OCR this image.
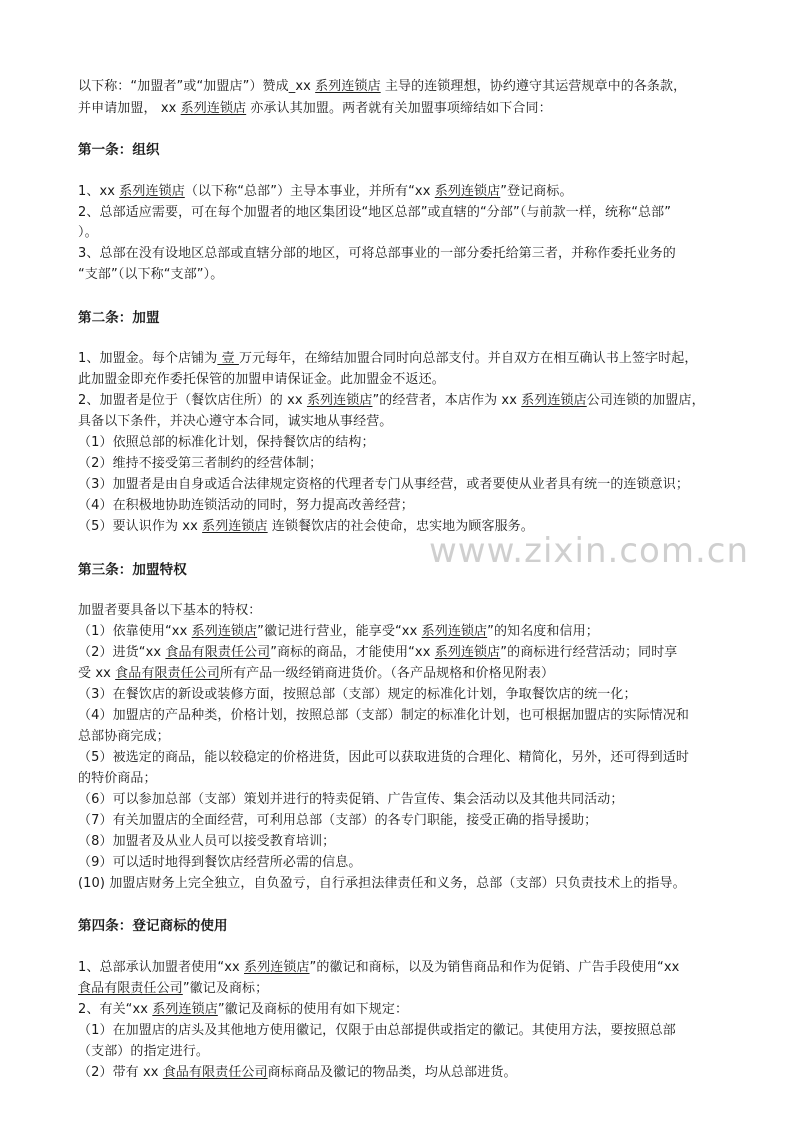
www.zixin.com.cn
以下称：“加盟者”或“加盟店”）赞成_xx 系列连锁店 主导的连锁理想，协约遵守其运营规章中的各条款，
并申请加盟， xx 系列连锁店 亦承认其加盟。两者就有关加盟事项缔结如下合同：
第一条：组织
1、xx 系列连锁店（以下称“总部”）主导本事业，并所有“xx 系列连锁店”登记商标。
2、总部适应需要，可在每个加盟者的地区集团设“地区总部”或直辖的“分部”（与前款一样，统称“总部”
）。
3、总部在没有设地区总部或直辖分部的地区，可将总部事业的一部分委托给第三者，并称作委托业务的
“支部”（以下称“支部”）。
第二条：加盟
1、加盟金。每个店铺为 壹 万元每年，在缔结加盟合同时向总部支付。并自双方在相互确认书上签字时起，
此加盟金即充作委托保管的加盟申请保证金。此加盟金不返还。
2、加盟者是位于（餐饮店住所）的 xx 系列连锁店”的经营者，本店作为 xx 系列连锁店公司连锁的加盟店，
具备以下条件，并决心遵守本合同，诚实地从事经营。
（1）依照总部的标准化计划，保持餐饮店的结构；
（2）维持不接受第三者制约的经营体制；
（3）加盟者是由自身或适合法律规定资格的代理者专门从事经营，或者要使从业者具有统一的连锁意识；
（4）在积极地协助连锁活动的同时，努力提高改善经营；
（5）要认识作为 xx 系列连锁店 连锁餐饮店的社会使命，忠实地为顾客服务。
第三条：加盟特权
加盟者要具备以下基本的特权：
（1）依靠使用“xx 系列连锁店”徽记进行营业，能享受“xx 系列连锁店”的知名度和信用；
（2）进货“xx 食品有限责任公司”商标的商品，才能使用“xx 系列连锁店”的商标进行经营活动；同时享
受 xx 食品有限责任公司所有产品一级经销商进货价。（各产品规格和价格见附表）
（3）在餐饮店的新设或装修方面，按照总部（支部）规定的标准化计划，争取餐饮店的统一化；
（4）加盟店的产品种类，价格计划，按照总部（支部）制定的标准化计划，也可根据加盟店的实际情况和
总部协商完成；
（5）被选定的商品，能以较稳定的价格进货，因此可以获取进货的合理化、精简化，另外，还可得到适时
的特价商品；
（6）可以参加总部（支部）策划并进行的特卖促销、广告宣传、集会活动以及其他共同活动；
（7）有关加盟店的全面经营，可利用总部（支部）的各专门职能，接受正确的指导援助；
（8）加盟者及从业人员可以接受教育培训；
（9）可以适时地得到餐饮店经营所必需的信息。
(10) 加盟店财务上完全独立，自负盈亏，自行承担法律责任和义务，总部（支部）只负责技术上的指导。
第四条：登记商标的使用
1、总部承认加盟者使用“xx 系列连锁店”的徽记和商标，以及为销售商品和作为促销、广告手段使用“xx
食品有限责任公司”徽记及商标；
2、有关“xx 系列连锁店”徽记及商标的使用有如下规定：
（1）在加盟店的店头及其他地方使用徽记，仅限于由总部提供或指定的徽记。其使用方法，要按照总部
（支部）的指定进行。
（2）带有 xx 食品有限责任公司商标商品及徽记的物品类，均从总部进货。
